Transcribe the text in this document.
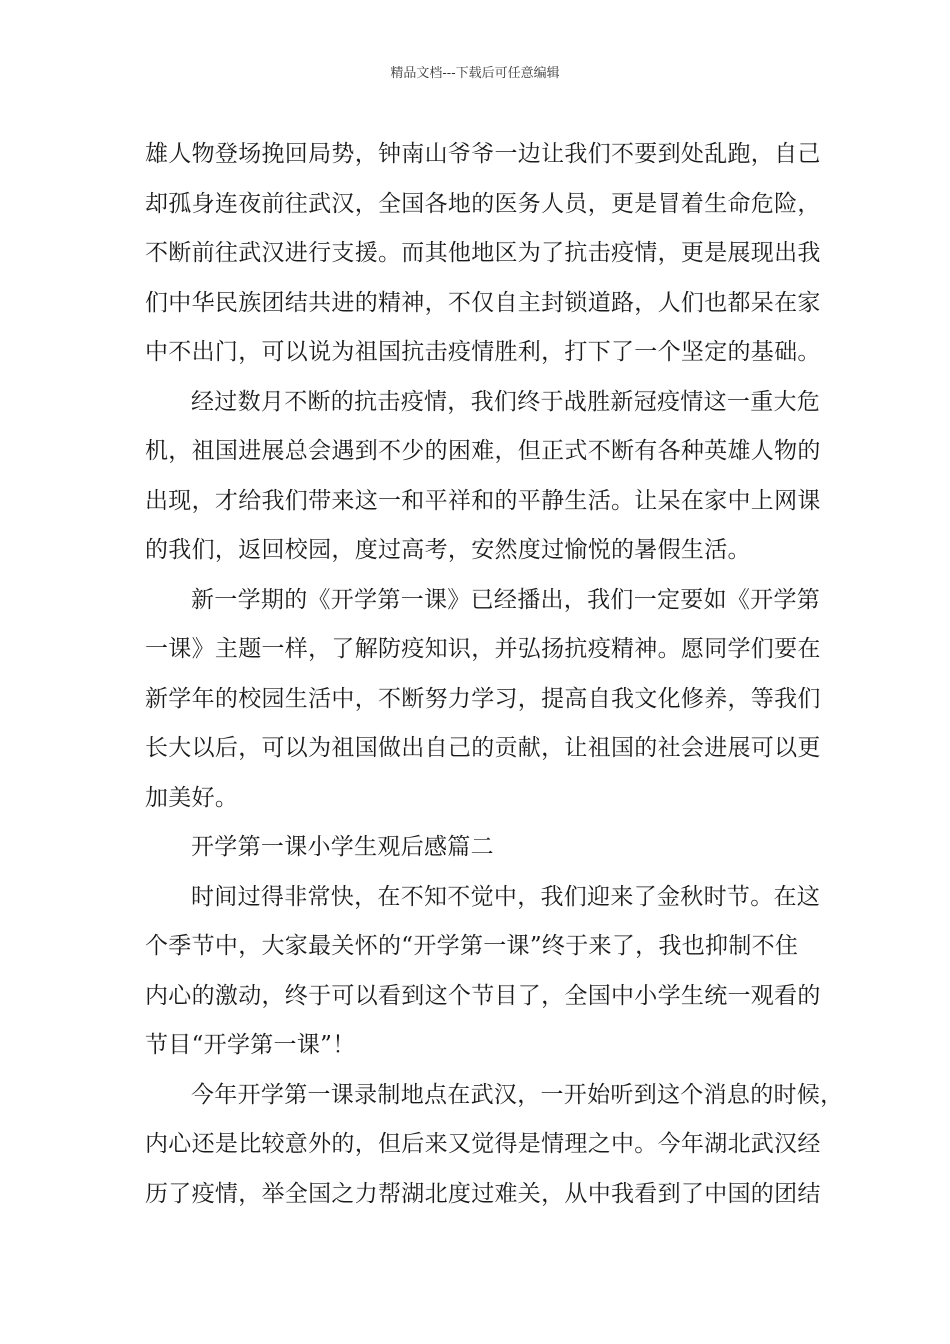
精品文档---下载后可任意编辑
雄人物登场挽回局势，钟南山爷爷一边让我们不要到处乱跑，自己
却孤身连夜前往武汉，全国各地的医务人员，更是冒着生命危险，
不断前往武汉进行支援。而其他地区为了抗击疫情，更是展现出我
们中华民族团结共进的精神，不仅自主封锁道路，人们也都呆在家
中不出门，可以说为祖国抗击疫情胜利，打下了一个坚定的基础。
经过数月不断的抗击疫情，我们终于战胜新冠疫情这一重大危
机，祖国进展总会遇到不少的困难，但正式不断有各种英雄人物的
出现，才给我们带来这一和平祥和的平静生活。让呆在家中上网课
的我们，返回校园，度过高考，安然度过愉悦的暑假生活。
新一学期的《开学第一课》已经播出，我们一定要如《开学第
一课》主题一样，了解防疫知识，并弘扬抗疫精神。愿同学们要在
新学年的校园生活中，不断努力学习，提高自我文化修养，等我们
长大以后，可以为祖国做出自己的贡献，让祖国的社会进展可以更
加美好。
开学第一课小学生观后感篇二
时间过得非常快，在不知不觉中，我们迎来了金秋时节。在这
个季节中，大家最关怀的“开学第一课”终于来了，我也抑制不住
内心的激动，终于可以看到这个节目了，全国中小学生统一观看的
节目“开学第一课”！
今年开学第一课录制地点在武汉，一开始听到这个消息的时候，
内心还是比较意外的，但后来又觉得是情理之中。今年湖北武汉经
历了疫情，举全国之力帮湖北度过难关，从中我看到了中国的团结
